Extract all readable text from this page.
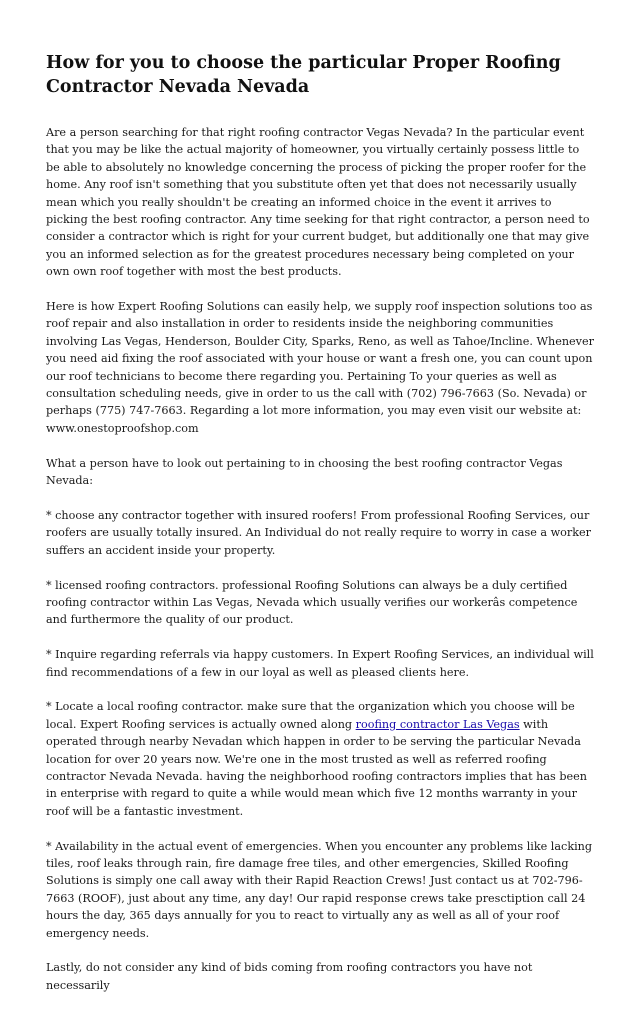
How for you to choose the particular Proper Roofing Contractor Nevada Nevada

Are a person searching for that right roofing contractor Vegas Nevada? In the particular event that you may be like the actual majority of homeowner, you virtually certainly possess little to be able to absolutely no knowledge concerning the process of picking the proper roofer for the home. Any roof isn't something that you substitute often yet that does not necessarily usually mean which you really shouldn't be creating an informed choice in the event it arrives to picking the best roofing contractor. Any time seeking for that right contractor, a person need to consider a contractor which is right for your current budget, but additionally one that may give you an informed selection as for the greatest procedures necessary being completed on your own own roof together with most the best products.

Here is how Expert Roofing Solutions can easily help, we supply roof inspection solutions too as roof repair and also installation in order to residents inside the neighboring communities involving Las Vegas, Henderson, Boulder City, Sparks, Reno, as well as Tahoe/Incline. Whenever you need aid fixing the roof associated with your house or want a fresh one, you can count upon our roof technicians to become there regarding you. Pertaining To your queries as well as consultation scheduling needs, give in order to us the call with (702) 796-7663 (So. Nevada) or perhaps (775) 747-7663. Regarding a lot more information, you may even visit our website at: www.onestoproofshop.com

What a person have to look out pertaining to in choosing the best roofing contractor Vegas Nevada:

* choose any contractor together with insured roofers! From professional Roofing Services, our roofers are usually totally insured. An Individual do not really require to worry in case a worker suffers an accident inside your property.

* licensed roofing contractors. professional Roofing Solutions can always be a duly certified roofing contractor within Las Vegas, Nevada which usually verifies our workerâs competence and furthermore the quality of our product.

* Inquire regarding referrals via happy customers. In Expert Roofing Services, an individual will find recommendations of a few in our loyal as well as pleased clients here.

* Locate a local roofing contractor. make sure that the organization which you choose will be local. Expert Roofing services is actually owned along roofing contractor Las Vegas with operated through nearby Nevadan which happen in order to be serving the particular Nevada location for over 20 years now. We're one in the most trusted as well as referred roofing contractor Nevada Nevada. having the neighborhood roofing contractors implies that has been in enterprise with regard to quite a while would mean which five 12 months warranty in your roof will be a fantastic investment.

* Availability in the actual event of emergencies. When you encounter any problems like lacking tiles, roof leaks through rain, fire damage free tiles, and other emergencies, Skilled Roofing Solutions is simply one call away with their Rapid Reaction Crews! Just contact us at 702-796-7663 (ROOF), just about any time, any day! Our rapid response crews take presctiption call 24 hours the day, 365 days annually for you to react to virtually any as well as all of your roof emergency needs.

Lastly, do not consider any kind of bids coming from roofing contractors you have not necessarily
